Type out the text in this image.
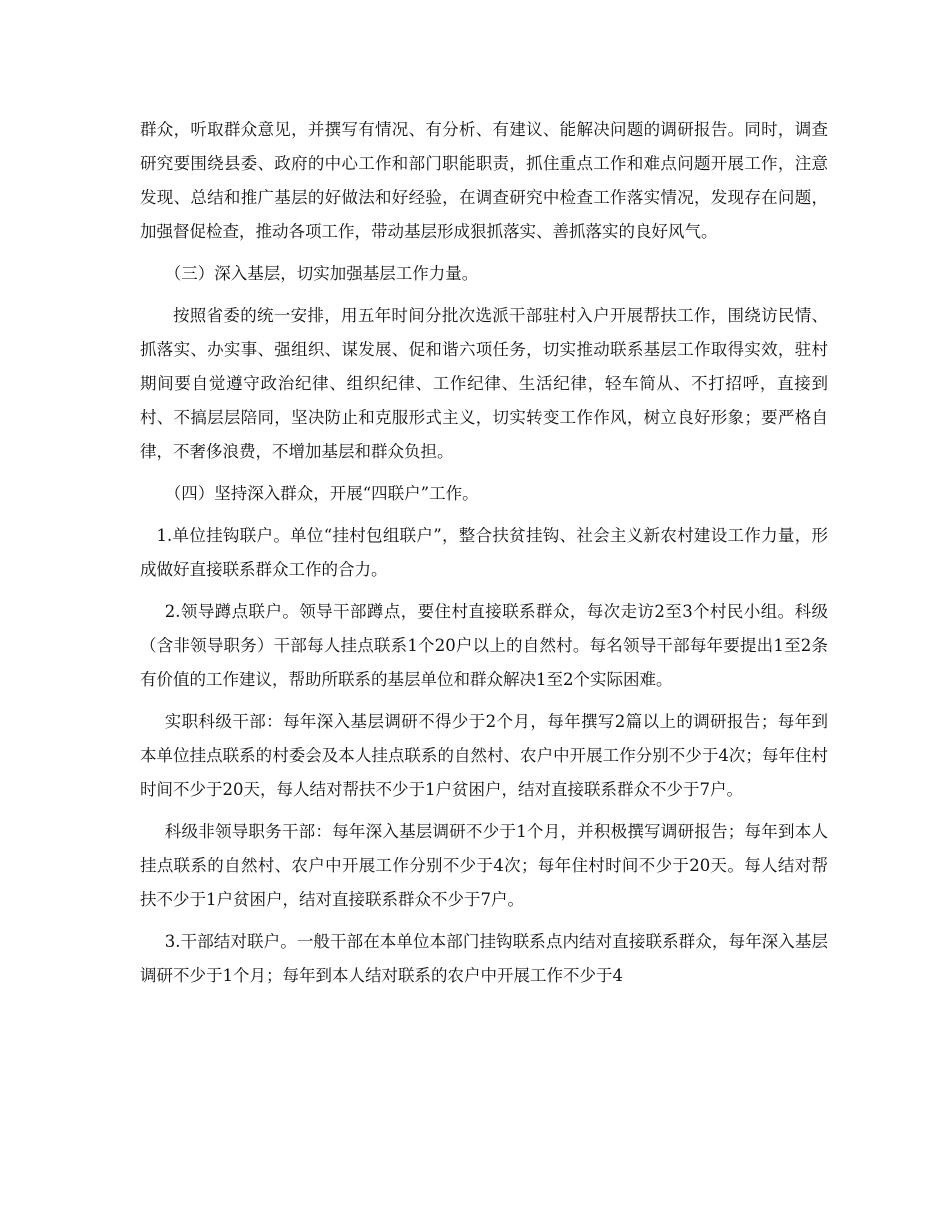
群众，听取群众意见，并撰写有情况、有分析、有建议、能解决问题的调研报告。同时，调查研究要围绕县委、政府的中心工作和部门职能职责，抓住重点工作和难点问题开展工作，注意发现、总结和推广基层的好做法和好经验，在调查研究中检查工作落实情况，发现存在问题，加强督促检查，推动各项工作，带动基层形成狠抓落实、善抓落实的良好风气。

（三）深入基层，切实加强基层工作力量。

按照省委的统一安排，用五年时间分批次选派干部驻村入户开展帮扶工作，围绕访民情、抓落实、办实事、强组织、谋发展、促和谐六项任务，切实推动联系基层工作取得实效，驻村期间要自觉遵守政治纪律、组织纪律、工作纪律、生活纪律，轻车简从、不打招呼，直接到村、不搞层层陪同，坚决防止和克服形式主义，切实转变工作作风，树立良好形象；要严格自律，不奢侈浪费，不增加基层和群众负担。

（四）坚持深入群众，开展“四联户”工作。

1.单位挂钩联户。单位“挂村包组联户”，整合扶贫挂钩、社会主义新农村建设工作力量，形成做好直接联系群众工作的合力。

2.领导蹲点联户。领导干部蹲点，要住村直接联系群众，每次走访2至3个村民小组。科级（含非领导职务）干部每人挂点联系1个20户以上的自然村。每名领导干部每年要提出1至2条有价值的工作建议，帮助所联系的基层单位和群众解决1至2个实际困难。

实职科级干部：每年深入基层调研不得少于2个月，每年撰写2篇以上的调研报告；每年到本单位挂点联系的村委会及本人挂点联系的自然村、农户中开展工作分别不少于4次；每年住村时间不少于20天，每人结对帮扶不少于1户贫困户，结对直接联系群众不少于7户。

科级非领导职务干部：每年深入基层调研不少于1个月，并积极撰写调研报告；每年到本人挂点联系的自然村、农户中开展工作分别不少于4次；每年住村时间不少于20天。每人结对帮扶不少于1户贫困户，结对直接联系群众不少于7户。

3.干部结对联户。一般干部在本单位本部门挂钩联系点内结对直接联系群众，每年深入基层调研不少于1个月；每年到本人结对联系的农户中开展工作不少于4
